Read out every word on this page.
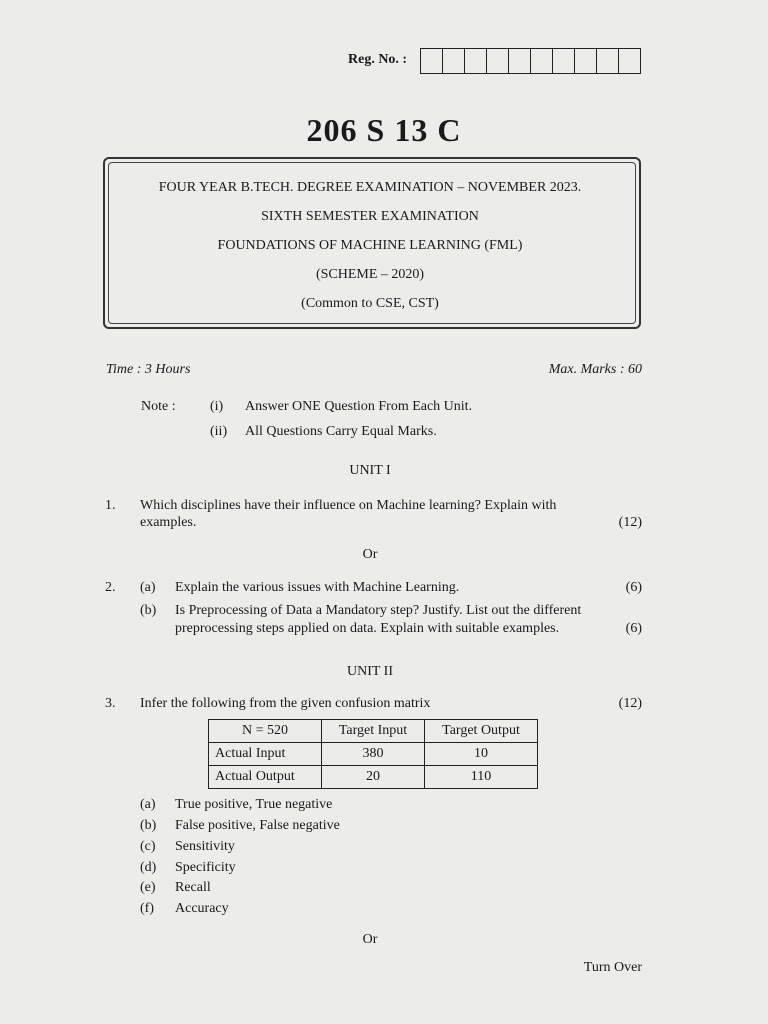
Reg. No. :
206 S 13 C
FOUR YEAR B.TECH. DEGREE EXAMINATION – NOVEMBER 2023.
SIXTH SEMESTER EXAMINATION
FOUNDATIONS OF MACHINE LEARNING (FML)
(SCHEME – 2020)
(Common to CSE, CST)
Time : 3 Hours	Max. Marks : 60
Note : (i) Answer ONE Question From Each Unit.
(ii) All Questions Carry Equal Marks.
UNIT I
1. Which disciplines have their influence on Machine learning? Explain with
examples.	(12)
Or
2. (a) Explain the various issues with Machine Learning.	(6)
(b) Is Preprocessing of Data a Mandatory step? Justify. List out the different
preprocessing steps applied on data. Explain with suitable examples.	(6)
UNIT II
3. Infer the following from the given confusion matrix	(12)
N = 520	Target Input	Target Output
Actual Input	380	10
Actual Output	20	110
(a) True positive, True negative
(b) False positive, False negative
(c) Sensitivity
(d) Specificity
(e) Recall
(f) Accuracy
Or
Turn Over
